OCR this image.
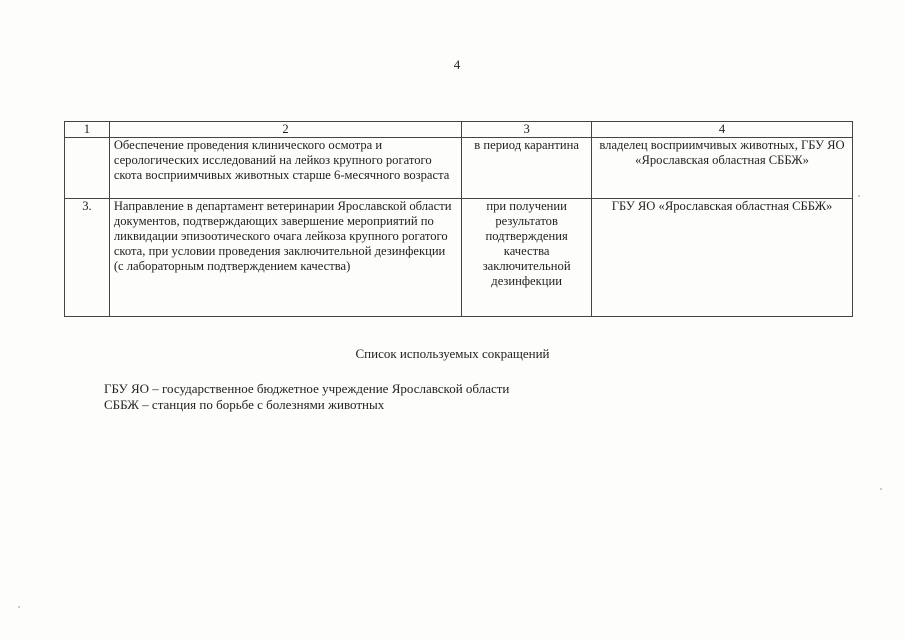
4
1	2	3	4
	Обеспечение проведения клинического осмотра и серологических исследований на лейкоз крупного рогатого скота восприимчивых животных старше 6-месячного возраста	в период карантина	владелец восприимчивых животных, ГБУ ЯО «Ярославская областная СББЖ»
3.	Направление в департамент ветеринарии Ярославской области документов, подтверждающих завершение мероприятий по ликвидации эпизоотического очага лейкоза крупного рогатого скота, при условии проведения заключительной дезинфекции (с лабораторным подтверждением качества)	при получении результатов подтверждения качества заключительной дезинфекции	ГБУ ЯО «Ярославская областная СББЖ»
Список используемых сокращений
ГБУ ЯО – государственное бюджетное учреждение Ярославской области
СББЖ – станция по борьбе с болезнями животных
